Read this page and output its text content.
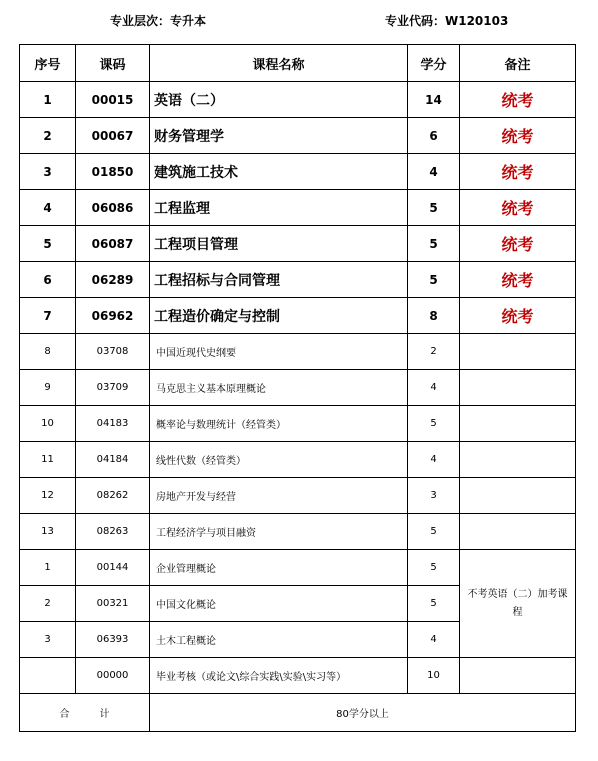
专业层次：专升本	专业代码：W120103
序号	课码	课程名称	学分	备注
1	00015	英语（二）	14	统考
2	00067	财务管理学	6	统考
3	01850	建筑施工技术	4	统考
4	06086	工程监理	5	统考
5	06087	工程项目管理	5	统考
6	06289	工程招标与合同管理	5	统考
7	06962	工程造价确定与控制	8	统考
8	03708	中国近现代史纲要	2	
9	03709	马克思主义基本原理概论	4	
10	04183	概率论与数理统计（经管类）	5	
11	04184	线性代数（经管类）	4	
12	08262	房地产开发与经营	3	
13	08263	工程经济学与项目融资	5	
1	00144	企业管理概论	5	不考英语（二）加考课程
2	00321	中国文化概论	5	
3	06393	土木工程概论	4	
	00000	毕业考核（或论文\综合实践\实验\实习等）	10	
合　　　计		80学分以上		
